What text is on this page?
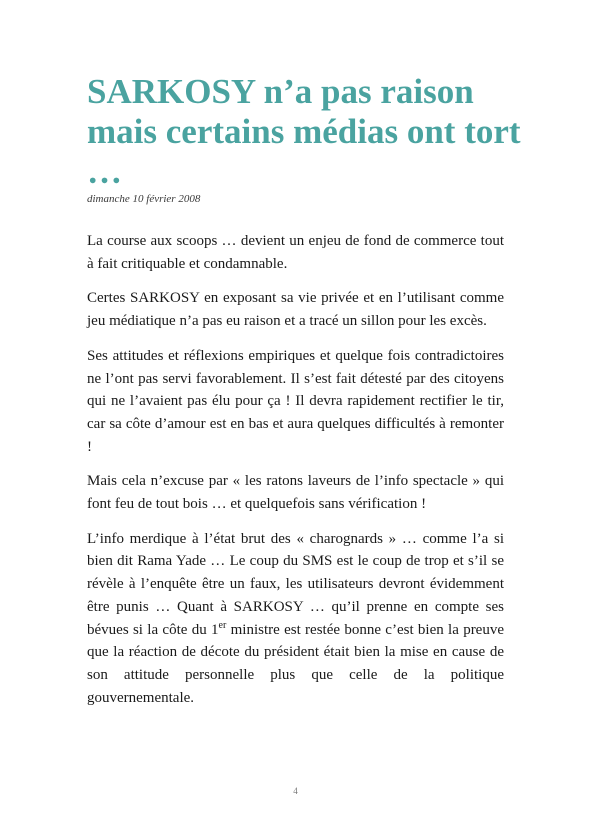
SARKOSY n’a pas raison mais certains médias ont tort …
dimanche 10 février 2008

La course aux scoops … devient un enjeu de fond de commerce tout à fait critiquable et condamnable.

Certes SARKOSY en exposant sa vie privée et en l’utilisant comme jeu médiatique n’a pas eu raison et a tracé un sillon pour les excès.

Ses attitudes et réflexions empiriques et quelque fois contradictoires ne l’ont pas servi favorablement. Il s’est fait détesté par des citoyens qui ne l’avaient pas élu pour ça ! Il devra rapidement rectifier le tir, car sa côte d’amour est en bas et aura quelques difficultés à remonter !

Mais cela n’excuse par « les ratons laveurs de l’info spectacle » qui font feu de tout bois … et quelquefois sans vérification !

L’info merdique à l’état brut des « charognards » … comme l’a si bien dit Rama Yade … Le coup du SMS est le coup de trop et s’il se révèle à l’enquête être un faux, les utilisateurs devront évidemment être punis … Quant à SARKOSY … qu’il prenne en compte ses bévues si la côte du 1er ministre est restée bonne c’est bien la preuve que la réaction de décote du président était bien la mise en cause de son attitude personnelle plus que celle de la politique gouvernementale.

4
